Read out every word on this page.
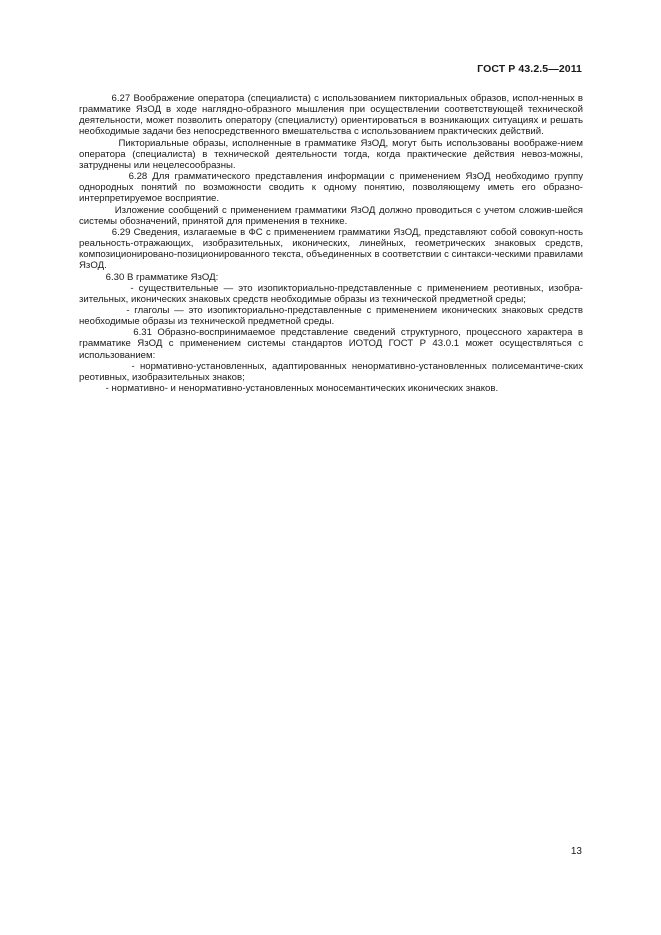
ГОСТ Р 43.2.5—2011

6.27 Воображение оператора (специалиста) с использованием пикториальных образов, испол-ненных в грамматике ЯзОД в ходе наглядно-образного мышления при осуществлении соответствующей технической деятельности, может позволить оператору (специалисту) ориентироваться в возникающих ситуациях и решать необходимые задачи без непосредственного вмешательства с использованием практических действий.

Пикториальные образы, исполненные в грамматике ЯзОД, могут быть использованы воображе-нием оператора (специалиста) в технической деятельности тогда, когда практические действия невоз-можны, затруднены или нецелесообразны.

6.28 Для грамматического представления информации с применением ЯзОД необходимо группу однородных понятий по возможности сводить к одному понятию, позволяющему иметь его образно-интерпретируемое восприятие.

Изложение сообщений с применением грамматики ЯзОД должно проводиться с учетом сложив-шейся системы обозначений, принятой для применения в технике.

6.29 Сведения, излагаемые в ФС с применением грамматики ЯзОД, представляют собой совокуп-ность реальность-отражающих, изобразительных, иконических, линейных, геометрических знаковых средств, композиционировано-позиционированного текста, объединенных в соответствии с синтакси-ческими правилами ЯзОД.

6.30 В грамматике ЯзОД:

- существительные — это изопикториально-представленные с применением реотивных, изобра-зительных, иконических знаковых средств необходимые образы из технической предметной среды;

- глаголы — это изопикториально-представленные с применением иконических знаковых средств необходимые образы из технической предметной среды.

6.31 Образно-воспринимаемое представление сведений структурного, процессного характера в грамматике ЯзОД с применением системы стандартов ИОТОД ГОСТ Р 43.0.1 может осуществляться с использованием:

- нормативно-установленных, адаптированных ненормативно-установленных полисемантиче-ских реотивных, изобразительных знаков;

- нормативно- и ненормативно-установленных моносемантических иконических знаков.

13
